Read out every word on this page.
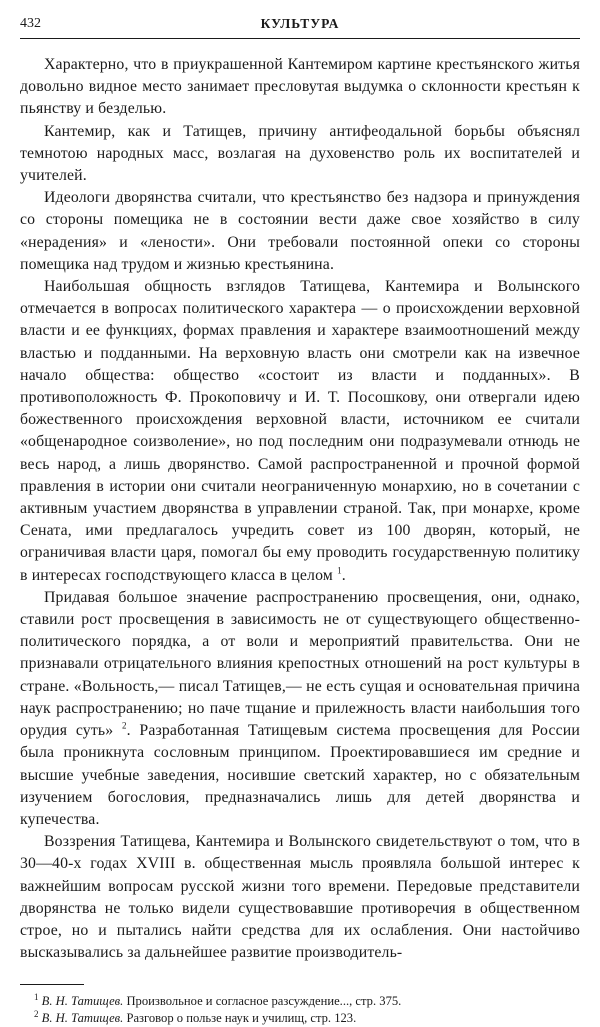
432	КУЛЬТУРА

Характерно, что в приукрашенной Кантемиром картине крестьянского житья довольно видное место занимает пресловутая выдумка о склонности крестьян к пьянству и безделью.

Кантемир, как и Татищев, причину антифеодальной борьбы объяснял темнотою народных масс, возлагая на духовенство роль их воспитателей и учителей.

Идеологи дворянства считали, что крестьянство без надзора и принуждения со стороны помещика не в состоянии вести даже свое хозяйство в силу «нерадения» и «лености». Они требовали постоянной опеки со стороны помещика над трудом и жизнью крестьянина.

Наибольшая общность взглядов Татищева, Кантемира и Волынского отмечается в вопросах политического характера — о происхождении верховной власти и ее функциях, формах правления и характере взаимоотношений между властью и подданными. На верховную власть они смотрели как на извечное начало общества: общество «состоит из власти и подданных». В противоположность Ф. Прокоповичу и И. Т. Посошкову, они отвергали идею божественного происхождения верховной власти, источником ее считали «общенародное соизволение», но под последним они подразумевали отнюдь не весь народ, а лишь дворянство. Самой распространенной и прочной формой правления в истории они считали неограниченную монархию, но в сочетании с активным участием дворянства в управлении страной. Так, при монархе, кроме Сената, ими предлагалось учредить совет из 100 дворян, который, не ограничивая власти царя, помогал бы ему проводить государственную политику в интересах господствующего класса в целом $^1$.

Придавая большое значение распространению просвещения, они, однако, ставили рост просвещения в зависимость не от существующего общественно-политического порядка, а от воли и мероприятий правительства. Они не признавали отрицательного влияния крепостных отношений на рост культуры в стране. «Вольность,— писал Татищев,— не есть сущая и основательная причина наук распространению; но паче тщание и прилежность власти наибольшия того орудия суть» $^2$. Разработанная Татищевым система просвещения для России была проникнута сословным принципом. Проектировавшиеся им средние и высшие учебные заведения, носившие светский характер, но с обязательным изучением богословия, предназначались лишь для детей дворянства и купечества.

Воззрения Татищева, Кантемира и Волынского свидетельствуют о том, что в 30—40-х годах XVIII в. общественная мысль проявляла большой интерес к важнейшим вопросам русской жизни того времени. Передовые представители дворянства не только видели существовавшие противоречия в общественном строе, но и пытались найти средства для их ослабления. Они настойчиво высказывались за дальнейшее развитие производитель-

$^1$ В. Н. Татищев. Произвольное и согласное разсуждение..., стр. 375.

$^2$ В. Н. Татищев. Разговор о пользе наук и училищ, стр. 123.
